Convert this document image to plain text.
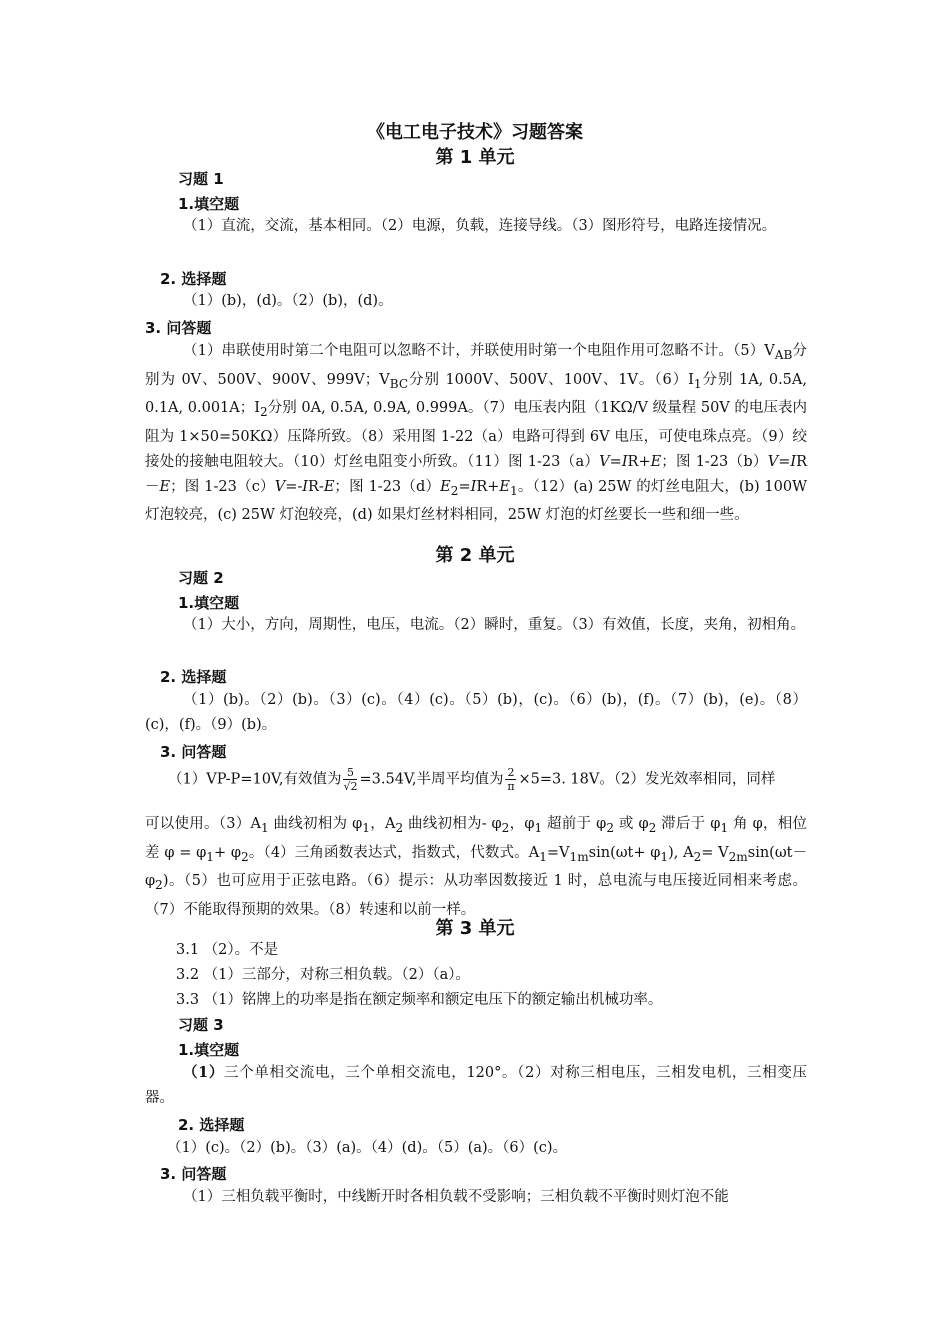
《电工电子技术》习题答案
第 1 单元
习题 1
1.填空题
（1）直流，交流，基本相同。（2）电源，负载，连接导线。（3）图形符号，电路连接情况。
2. 选择题
（1）(b)，(d)。（2）(b)，(d)。
3. 问答题
（1）串联使用时第二个电阻可以忽略不计，并联使用时第一个电阻作用可忽略不计。$(5)V_{AB}$分别为 0V、500V、900V、999V；$V_{BC}$分别 1000V、500V、100V、1V。$(6)I_1$分别 1A, 0.5A, 0.1A, 0.001A；$I_2$分别 0A, 0.5A, 0.9A, 0.999A。（7）电压表内阻（1KΩ/V 级量程 50V 的电压表内阻为 1×50=50KΩ）压降所致。（8）采用图 1-22（a）电路可得到 6V 电压，可使电珠点亮。（9）绞接处的接触电阻较大。（10）灯丝电阻变小所致。（11）图 1-23（a）V=IR+E；图 1-23（b）V=IR－E；图 1-23（c）V=-IR-E；图 $1-23(d)E_2=IR+E_1$。（12）(a) 25W 的灯丝电阻大，(b) 100W 灯泡较亮，(c) 25W 灯泡较亮，(d) 如果灯丝材料相同，25W 灯泡的灯丝要长一些和细一些。
第 2 单元
习题 2
1.填空题
（1）大小，方向，周期性，电压，电流。（2）瞬时，重复。（3）有效值，长度，夹角，初相角。
2. 选择题
（1）(b)。（2）(b)。（3）(c)。（4）(c)。（5）(b)，(c)。（6）(b)，(f)。（7）(b)，(e)。（8）(c)，(f)。（9）(b)。
3. 问答题
（1）VP-P=10V,有效值为 $\frac{5}{√2} =3.54V$,半周平均值为 $\frac{2}{\pi} \times 5=3$. 18V。（2）发光效率相同，同样
可以使用。$(3)A_1$ 曲线初相为 $\varphi_1$，$A_2$ 曲线初相为- $\varphi_2$，$\varphi_1$ 超前于 $\varphi_2$ 或 $\varphi_2$ 滞后于 $\varphi_1$ 角 φ，相位差 $\varphi = \varphi_1+ \varphi_2$。（4）三角函数表达式，指数式，代数式。$A_1=V_{1m}\sin(\omega t+ \varphi_1)$, $A_2= V_{2m}\sin(\omega t- \varphi_2)$。（5）也可应用于正弦电路。（6）提示：从功率因数接近 1 时，总电流与电压接近同相来考虑。（7）不能取得预期的效果。（8）转速和以前一样。
第 3 单元
3.1 （2）。不是
3.2 （1）三部分，对称三相负载。（2）（a）。
3.3 （1）铭牌上的功率是指在额定频率和额定电压下的额定输出机械功率。
习题 3
1.填空题
（1）三个单相交流电，三个单相交流电，120°。（2）对称三相电压，三相发电机，三相变压器。
2. 选择题
（1）(c)。（2）(b)。（3）(a)。（4）(d)。（5）(a)。（6）(c)。
3. 问答题
（1）三相负载平衡时，中线断开时各相负载不受影响；三相负载不平衡时则灯泡不能
